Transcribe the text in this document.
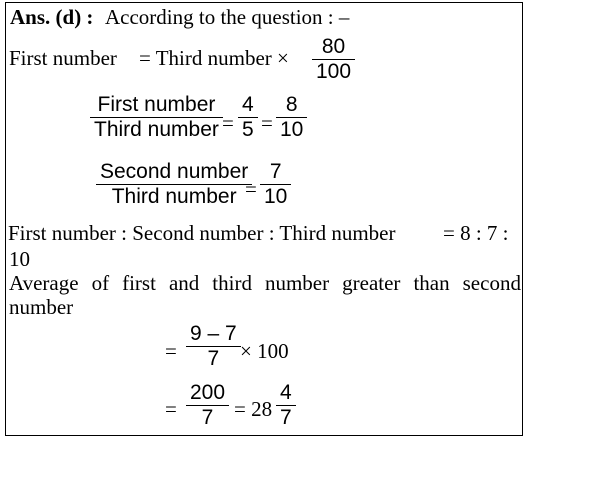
Ans. (d) : According to the question : –
First number = Third number × 80
100
First number
Third number =
4
5 =
8
10
Second number
Third number =
7
10
First number : Second number : Third number = 8 : 7 :
10
Average of first and third number greater than second
number
=
9 – 7
7 × 100
=
200
7 = 28
4
7
